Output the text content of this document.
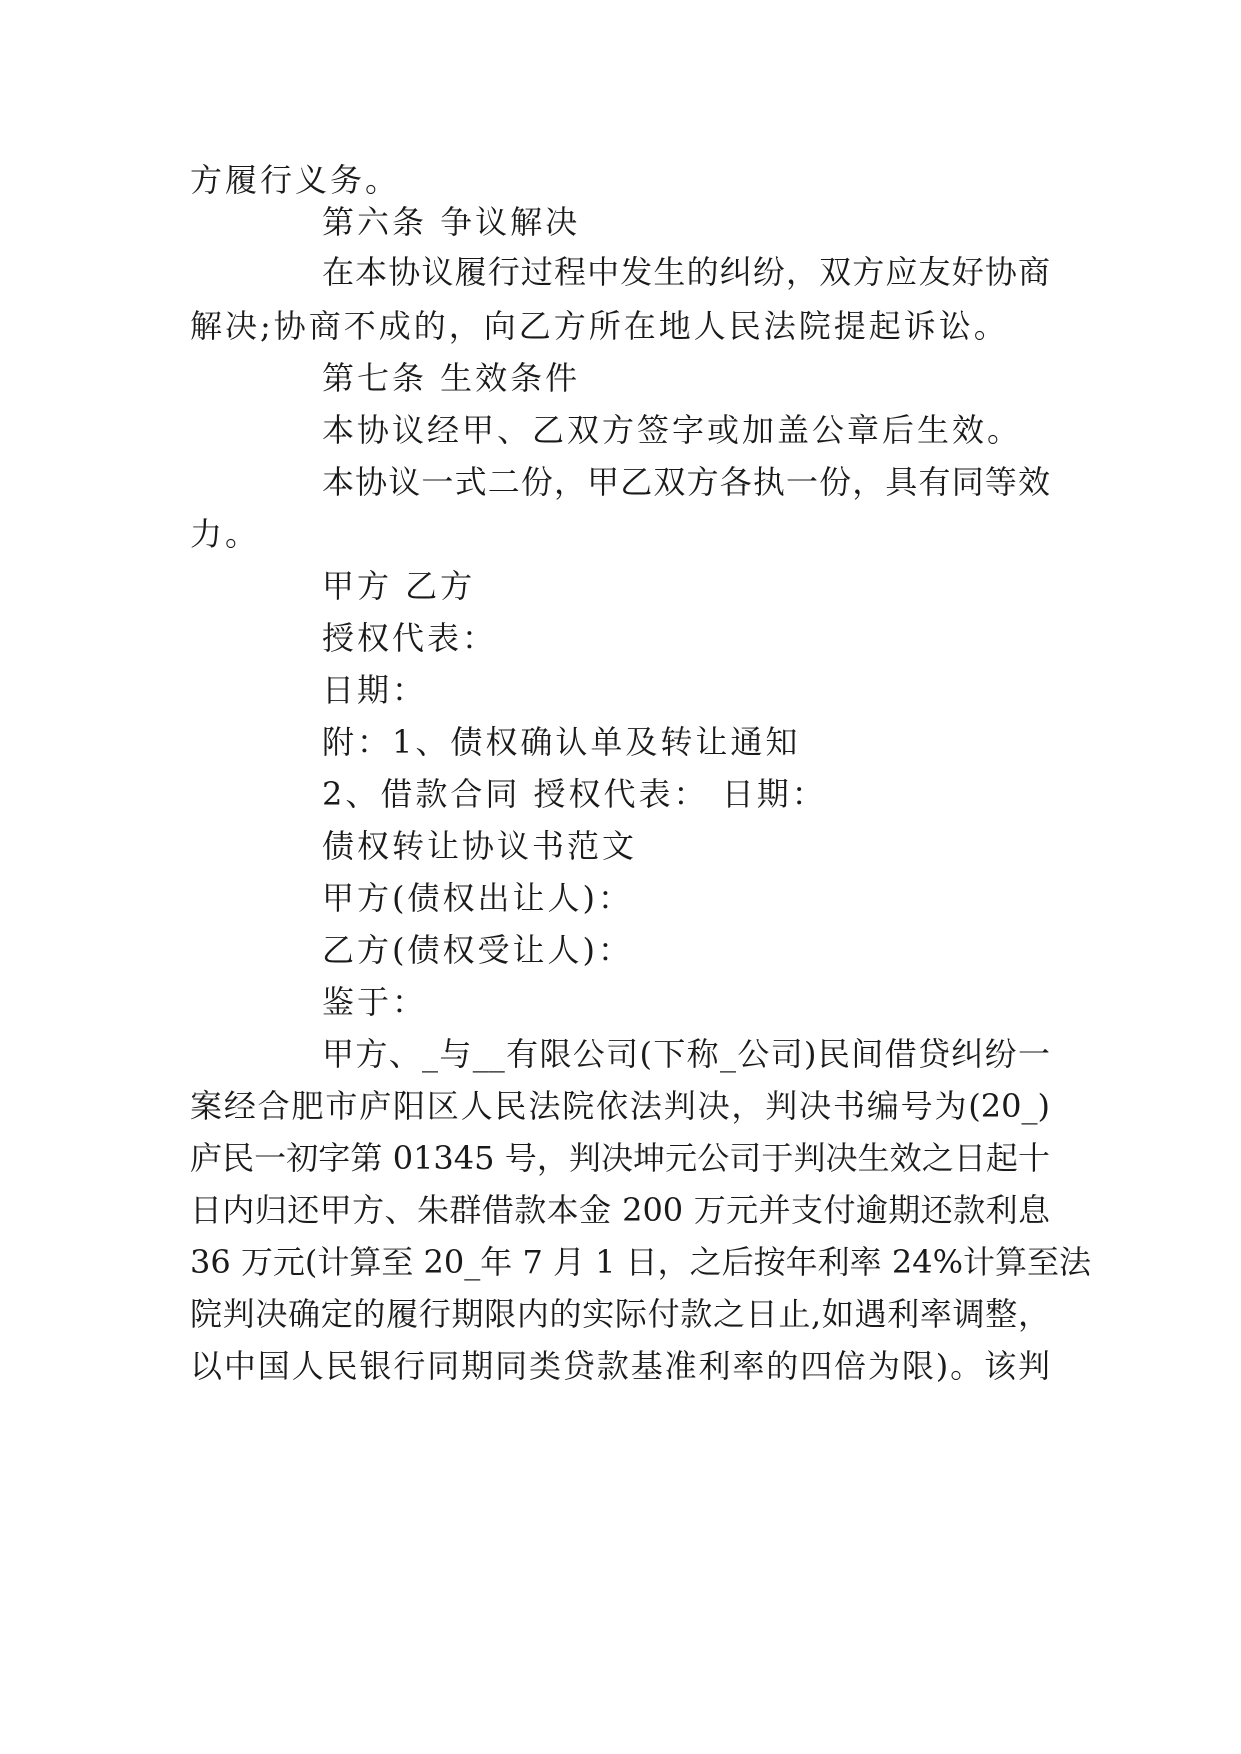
方履行义务。
第六条 争议解决
在本协议履行过程中发生的纠纷，双方应友好协商
解决;协商不成的，向乙方所在地人民法院提起诉讼。
第七条 生效条件
本协议经甲、乙双方签字或加盖公章后生效。
本协议一式二份，甲乙双方各执一份，具有同等效
力。
甲方 乙方
授权代表：
日期：
附：1、债权确认单及转让通知
2、借款合同 授权代表： 日期：
债权转让协议书范文
甲方(债权出让人)：
乙方(债权受让人)：
鉴于：
甲方、_与__有限公司(下称_公司)民间借贷纠纷一
案经合肥市庐阳区人民法院依法判决，判决书编号为(20_)
庐民一初字第 01345 号，判决坤元公司于判决生效之日起十
日内归还甲方、朱群借款本金 200 万元并支付逾期还款利息
36 万元(计算至 20_年 7 月 1 日，之后按年利率 24%计算至法
院判决确定的履行期限内的实际付款之日止,如遇利率调整，
以中国人民银行同期同类贷款基准利率的四倍为限)。该判
